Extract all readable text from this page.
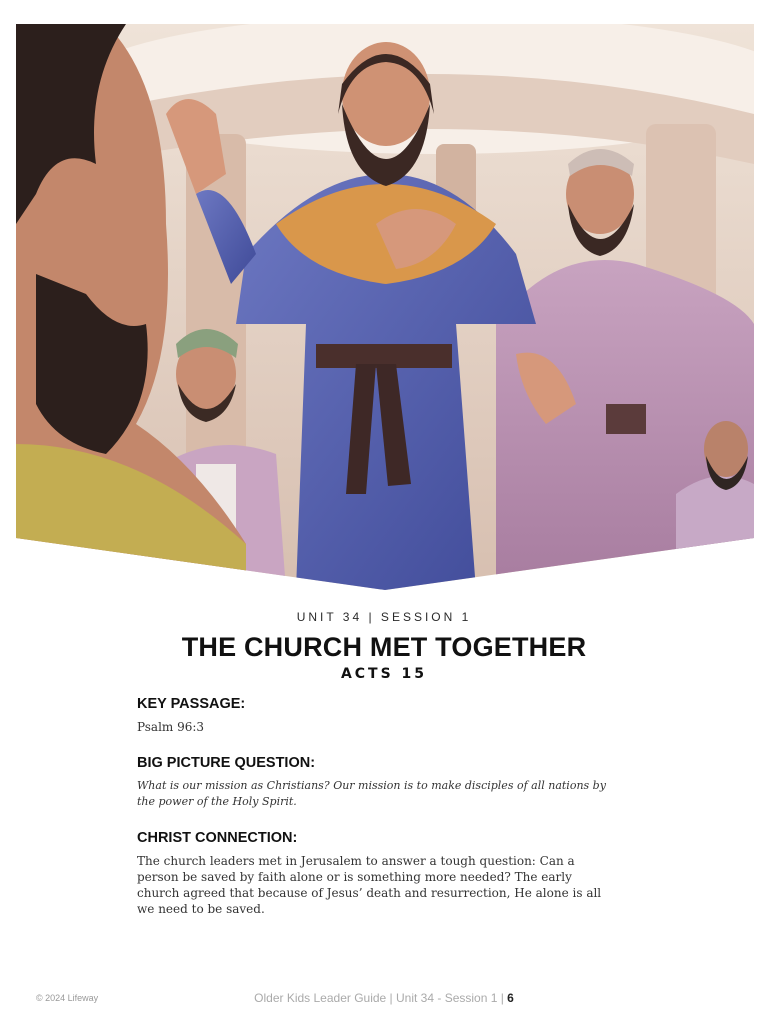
UNIT 34 | SESSION 1

THE CHURCH MET TOGETHER

ACTS 15

KEY PASSAGE:

Psalm 96:3

BIG PICTURE QUESTION:

What is our mission as Christians? Our mission is to make disciples of all nations by the power of the Holy Spirit.

CHRIST CONNECTION:

The church leaders met in Jerusalem to answer a tough question: Can a person be saved by faith alone or is something more needed? The early church agreed that because of Jesus’ death and resurrection, He alone is all we need to be saved.

© 2024 Lifeway	Older Kids Leader Guide | Unit 34 - Session 1 | 6
